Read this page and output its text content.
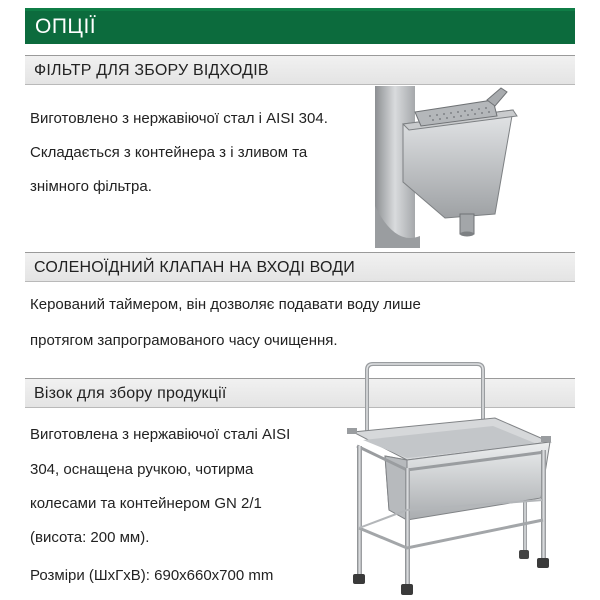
ОПЦІЇ
ФІЛЬТР ДЛЯ ЗБОРУ ВІДХОДІВ
Виготовлено з нержавіючої стал і AISI 304.
Складається з контейнера з і зливом та
знімного фільтра.
СОЛЕНОЇДНИЙ КЛАПАН НА ВХОДІ ВОДИ
Керований таймером, він дозволяє подавати воду лише
протягом запрограмованого часу очищення.
Візок для збору продукції
Виготовлена з нержавіючої сталі AISI
304, оснащена ручкою, чотирма
колесами та контейнером GN 2/1
(висота: 200 мм).
Розміри (ШхГхВ): 690х660х700 mm
